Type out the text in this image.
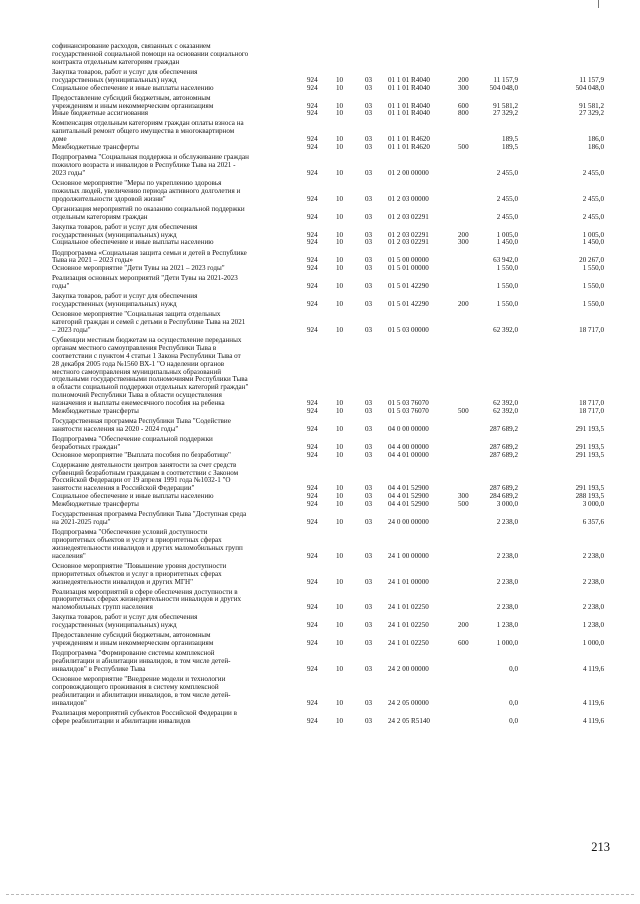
софинансирование расходов, связанных с оказанием
государственной социальной помощи на основании социального
контракта отдельным категориям граждан
Закупка товаров, работ и услуг для обеспечения
государственных (муниципальных) нужд	924	10	03 01 1 01 R4040	200	11 157,9	11 157,9
Социальное обеспечение и иные выплаты населению	924	10	03 01 1 01 R4040	300	504 048,0	504 048,0
Предоставление субсидий бюджетным, автономным
учреждениям и иным некоммерческим организациям	924	10	03 01 1 01 R4040	600	91 581,2	91 581,2
Иные бюджетные ассигнования	924	10	03 01 1 01 R4040	800	27 329,2	27 329,2
Компенсация отдельным категориям граждан оплаты взноса на
капитальный ремонт общего имущества в многоквартирном
доме	924	10	03 01 1 01 R4620	189,5	186,0
Межбюджетные трансферты	924	10	03 01 1 01 R4620	500	189,5	186,0
Подпрограмма "Социальная поддержка и обслуживание граждан
пожилого возраста и инвалидов в Республике Тыва на 2021 -
2023 годы"	924	10	03 01 2 00 00000	2 455,0	2 455,0
Основное мероприятие "Меры по укреплению здоровья
пожилых людей, увеличению периода активного долголетия и
продолжительности здоровой жизни"	924	10	03 01 2 03 00000	2 455,0	2 455,0
Организация мероприятий по оказанию социальной поддержки
отдельным категориям граждан	924	10	03 01 2 03 02291	2 455,0	2 455,0
Закупка товаров, работ и услуг для обеспечения
государственных (муниципальных) нужд	924	10	03 01 2 03 02291	200	1 005,0	1 005,0
Социальное обеспечение и иные выплаты населению	924	10	03 01 2 03 02291	300	1 450,0	1 450,0
Подпрограмма «Социальная защита семьи и детей в Республике
Тыва на 2021 – 2023 годы»	924	10	03 01 5 00 00000	63 942,0	20 267,0
Основное мероприятие "Дети Тувы на 2021 – 2023 годы"	924	10	03 01 5 01 00000	1 550,0	1 550,0
Реализация основных мероприятий "Дети Тувы на 2021-2023
годы"	924	10	03 01 5 01 42290	1 550,0	1 550,0
Закупка товаров, работ и услуг для обеспечения
государственных (муниципальных) нужд	924	10	03 01 5 01 42290	200	1 550,0	1 550,0
Основное мероприятие "Социальная защита отдельных
категорий граждан и семей с детьми в Республике Тыва на 2021
– 2023 годы"	924	10	03 01 5 03 00000	62 392,0	18 717,0
Субвенции местным бюджетам на осуществление переданных
органам местного самоуправления Республики Тыва в
соответствии с пунктом 4 статьи 1 Закона Республики Тыва от
28 декабря 2005 года №1560 ВХ-1 "О наделении органов
местного самоуправления муниципальных образований
отдельными государственными полномочиями Республики Тыва
в области социальной поддержки отдельных категорий граждан"
полномочий Республики Тыва в области осуществления
назначения и выплаты ежемесячного пособия на ребенка	924	10	03 01 5 03 76070	62 392,0	18 717,0
Межбюджетные трансферты	924	10	03 01 5 03 76070	500	62 392,0	18 717,0
Государственная программа Республики Тыва "Содействие
занятости населения на 2020 - 2024 годы"	924	10	03 04 0 00 00000	287 689,2	291 193,5
Подпрограмма "Обеспечение социальной поддержки
безработных граждан"	924	10	03 04 4 00 00000	287 689,2	291 193,5
Основное мероприятие "Выплата пособия по безработице"	924	10	03 04 4 01 00000	287 689,2	291 193,5
Содержание деятельности центров занятости за счет средств
субвенций безработным гражданам в соответствии с Законом
Российской Федерации от 19 апреля 1991 года №1032-1 "О
занятости населения в Российской Федерации"	924	10	03 04 4 01 52900	287 689,2	291 193,5
Социальное обеспечение и иные выплаты населению	924	10	03 04 4 01 52900	300	284 689,2	288 193,5
Межбюджетные трансферты	924	10	03 04 4 01 52900	500	3 000,0	3 000,0
Государственная программа Республики Тыва "Доступная среда
на 2021-2025 годы"	924	10	03 24 0 00 00000	2 238,0	6 357,6
Подпрограмма "Обеспечение условий доступности
приоритетных объектов и услуг в приоритетных сферах
жизнедеятельности инвалидов и других маломобильных групп
населения"	924	10	03 24 1 00 00000	2 238,0	2 238,0
Основное мероприятие "Повышение уровня доступности
приоритетных объектов и услуг в приоритетных сферах
жизнедеятельности инвалидов и других МГН"	924	10	03 24 1 01 00000	2 238,0	2 238,0
Реализация мероприятий в сфере обеспечения доступности в
приоритетных сферах жизнедеятельности инвалидов и других
маломобильных групп населения	924	10	03 24 1 01 02250	2 238,0	2 238,0
Закупка товаров, работ и услуг для обеспечения
государственных (муниципальных) нужд	924	10	03 24 1 01 02250	200	1 238,0	1 238,0
Предоставление субсидий бюджетным, автономным
учреждениям и иным некоммерческим организациям	924	10	03 24 1 01 02250	600	1 000,0	1 000,0
Подпрограмма "Формирование системы комплексной
реабилитации и абилитации инвалидов, в том числе детей-
инвалидов" в Республике Тыва	924	10	03 24 2 00 00000	0,0	4 119,6
Основное мероприятие "Внедрение модели и технологии
сопровождающего проживания в систему комплексной
реабилитации и абилитации инвалидов, в том числе детей-
инвалидов"	924	10	03 24 2 05 00000	0,0	4 119,6
Реализация мероприятий субъектов Российской Федерации в
сфере реабилитации и абилитации инвалидов	924	10	03 24 2 05 R5140	0,0	4 119,6
213
